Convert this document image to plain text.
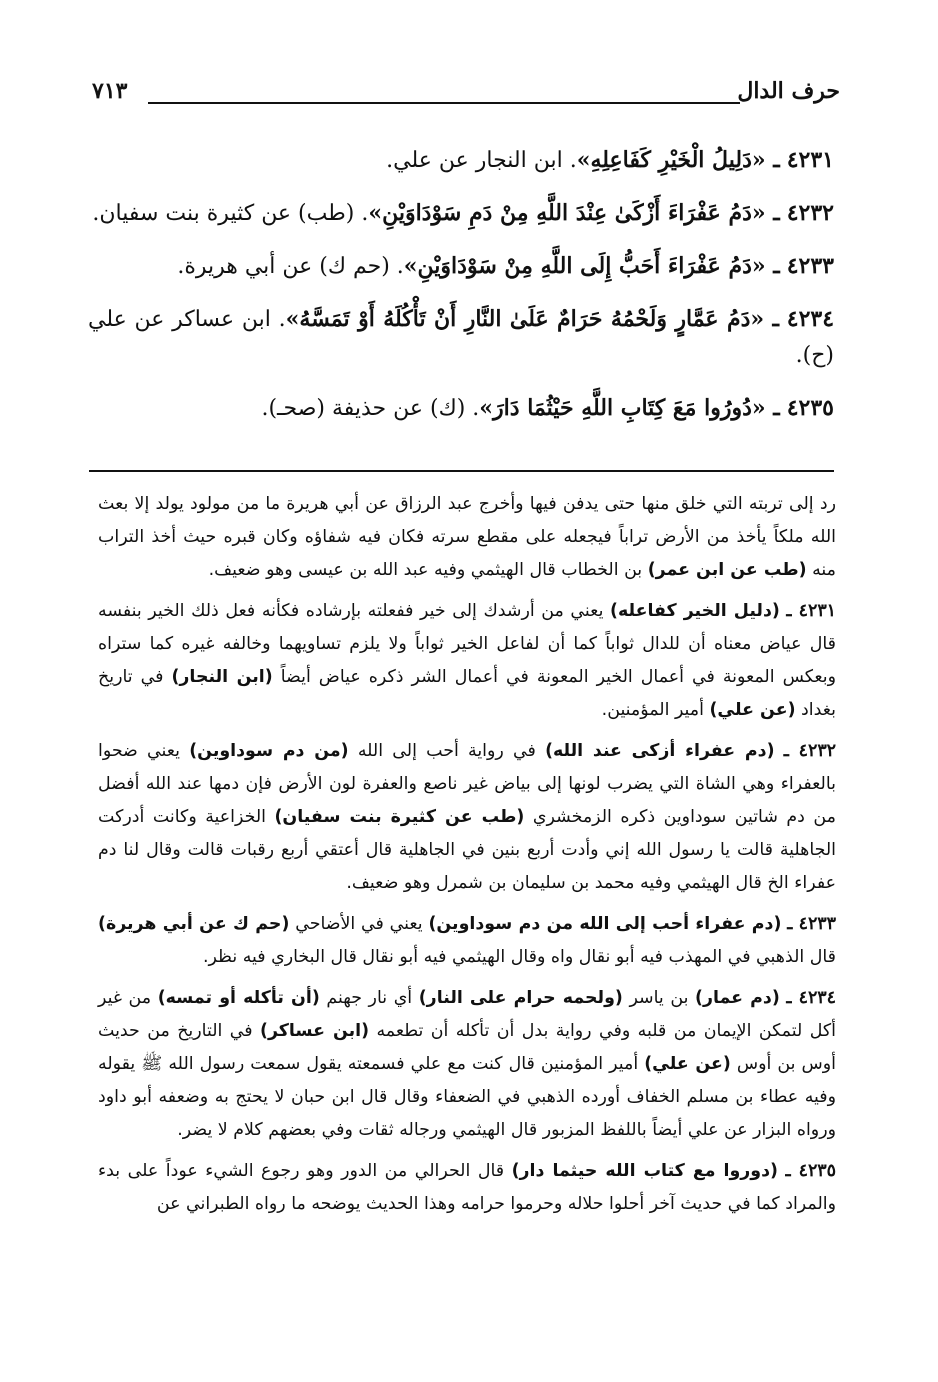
حرف الدال
٧١٣

٤٢٣١ ـ «دَلِيلُ الْخَيْرِ كَفَاعِلِهِ». ابن النجار عن علي.

٤٢٣٢ ـ «دَمُ عَفْرَاءَ أَزْكَىٰ عِنْدَ اللَّهِ مِنْ دَمِ سَوْدَاوَيْنِ». (طب) عن كثيرة بنت سفيان.

٤٢٣٣ ـ «دَمُ عَفْرَاءَ أَحَبُّ إِلَى اللَّهِ مِنْ سَوْدَاوَيْنِ». (حم ك) عن أبي هريرة.

٤٢٣٤ ـ «دَمُ عَمَّارٍ وَلَحْمُهُ حَرَامٌ عَلَىٰ النَّارِ أَنْ تَأْكُلَهُ أَوْ تَمَسَّهُ». ابن عساكر عن علي (ح).

٤٢٣٥ ـ «دُورُوا مَعَ كِتَابِ اللَّهِ حَيْثُمَا دَارَ». (ك) عن حذيفة (صحـ).

رد إلى تربته التي خلق منها حتى يدفن فيها وأخرج عبد الرزاق عن أبي هريرة ما من مولود يولد إلا بعث الله ملكاً يأخذ من الأرض تراباً فيجعله على مقطع سرته فكان فيه شفاؤه وكان قبره حيث أخذ التراب منه (طب عن ابن عمر) بن الخطاب قال الهيثمي وفيه عبد الله بن عيسى وهو ضعيف.

٤٢٣١ ـ (دليل الخير كفاعله) يعني من أرشدك إلى خير ففعلته بإرشاده فكأنه فعل ذلك الخير بنفسه قال عياض معناه أن للدال ثواباً كما أن لفاعل الخير ثواباً ولا يلزم تساويهما وخالفه غيره كما ستراه وبعكس المعونة في أعمال الخير المعونة في أعمال الشر ذكره عياض أيضاً (ابن النجار) في تاريخ بغداد (عن علي) أمير المؤمنين.

٤٢٣٢ ـ (دم عفراء أزكى عند الله) في رواية أحب إلى الله (من دم سوداوين) يعني ضحوا بالعفراء وهي الشاة التي يضرب لونها إلى بياض غير ناصع والعفرة لون الأرض فإن دمها عند الله أفضل من دم شاتين سوداوين ذكره الزمخشري (طب عن كثيرة بنت سفيان) الخزاعية وكانت أدركت الجاهلية قالت يا رسول الله إني وأدت أربع بنين في الجاهلية قال أعتقي أربع رقبات قالت وقال لنا دم عفراء الخ قال الهيثمي وفيه محمد بن سليمان بن شمرل وهو ضعيف.

٤٢٣٣ ـ (دم عفراء أحب إلى الله من دم سوداوين) يعني في الأضاحي (حم ك عن أبي هريرة) قال الذهبي في المهذب فيه أبو نقال واه وقال الهيثمي فيه أبو نقال قال البخاري فيه نظر.

٤٢٣٤ ـ (دم عمار) بن ياسر (ولحمه حرام على النار) أي نار جهنم (أن تأكله أو تمسه) من غير أكل لتمكن الإيمان من قلبه وفي رواية بدل أن تأكله أن تطعمه (ابن عساكر) في التاريخ من حديث أوس بن أوس (عن علي) أمير المؤمنين قال كنت مع علي فسمعته يقول سمعت رسول الله ﷺ يقوله وفيه عطاء بن مسلم الخفاف أورده الذهبي في الضعفاء وقال قال ابن حبان لا يحتج به وضعفه أبو داود ورواه البزار عن علي أيضاً باللفظ المزبور قال الهيثمي ورجاله ثقات وفي بعضهم كلام لا يضر.

٤٢٣٥ ـ (دوروا مع كتاب الله حيثما دار) قال الحرالي من الدور وهو رجوع الشيء عوداً على بدء والمراد كما في حديث آخر أحلوا حلاله وحرموا حرامه وهذا الحديث يوضحه ما رواه الطبراني عن
